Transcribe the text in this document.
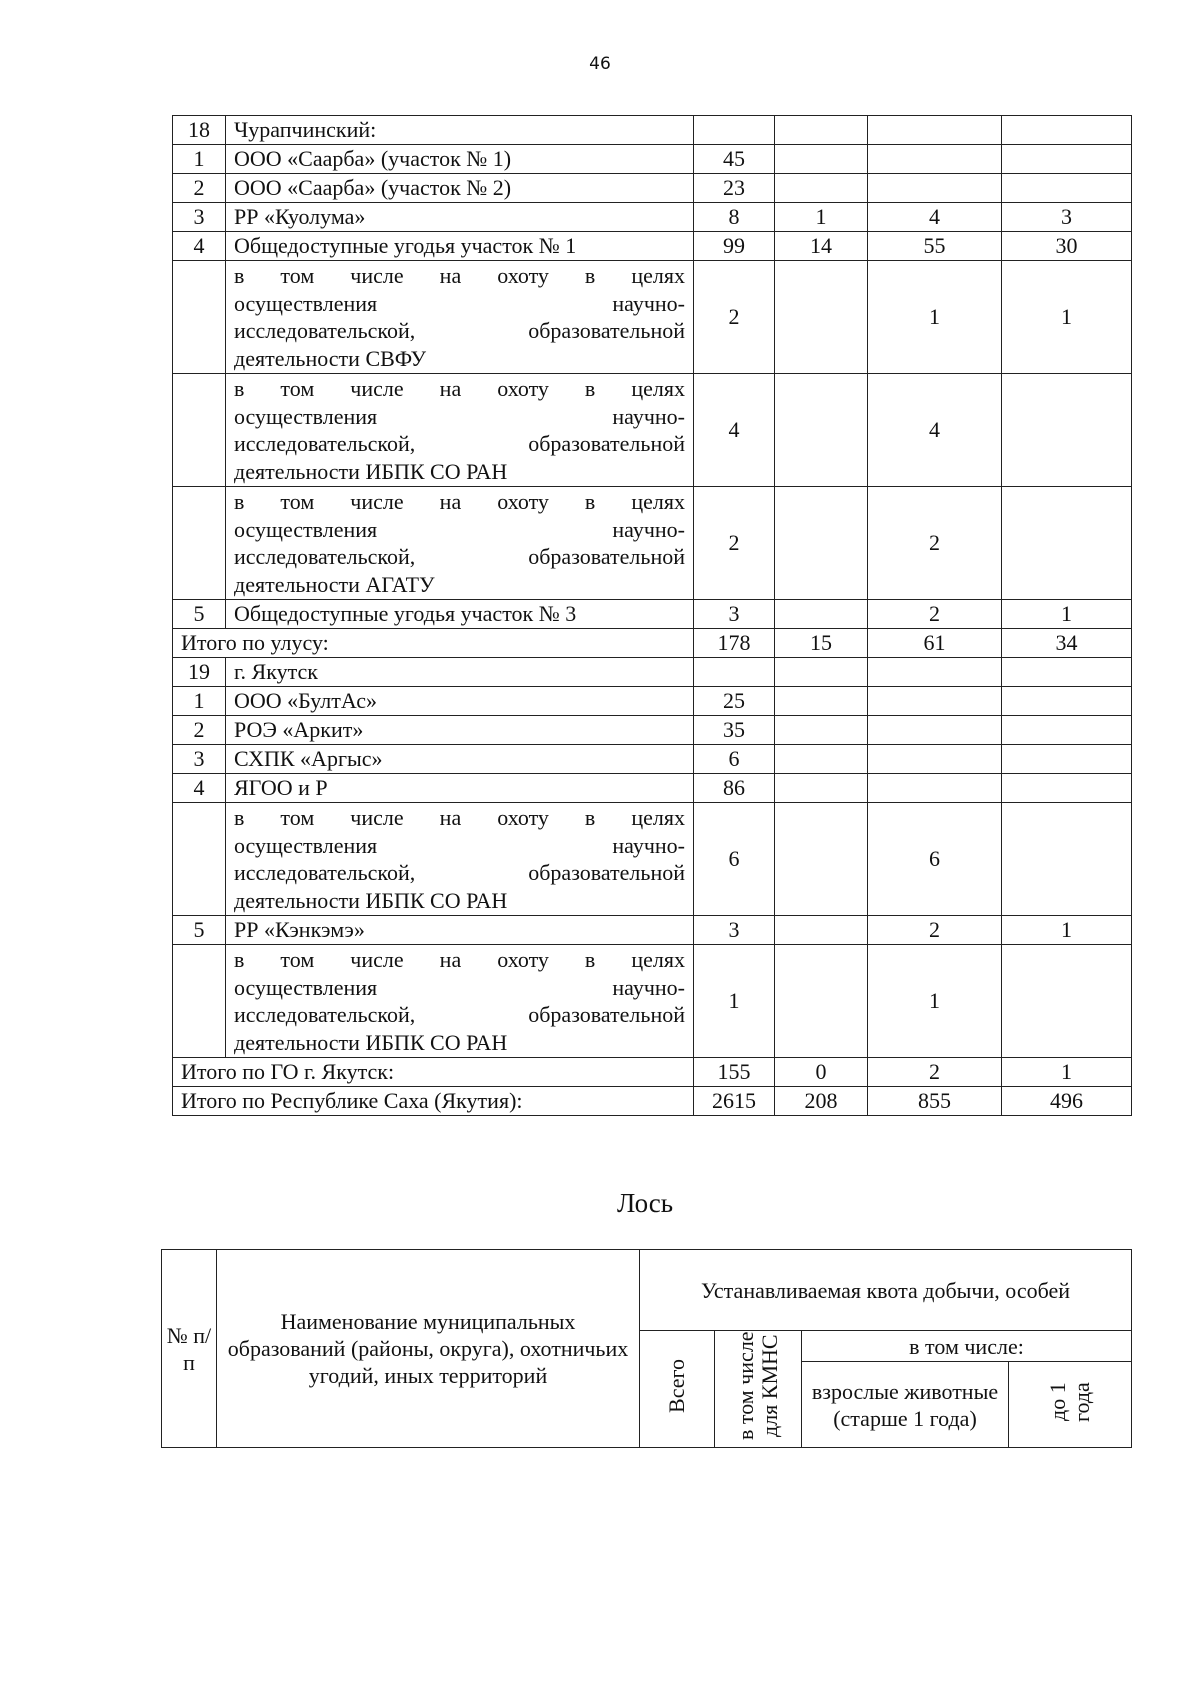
46
18	Чурапчинский:				
1	ООО «Саарба» (участок № 1)	45			
2	ООО «Саарба» (участок № 2)	23			
3	РР «Куолума»	8	1	4	3
4	Общедоступные угодья участок № 1	99	14	55	30

	в том числе на охоту в целях
осуществления научно-
исследовательской, образовательной
деятельности СВФУ	2		1	1

	в том числе на охоту в целях
осуществления научно-
исследовательской, образовательной
деятельности ИБПК СО РАН	4		4	

	в том числе на охоту в целях
осуществления научно-
исследовательской, образовательной
деятельности АГАТУ	2		2	
5	Общедоступные угодья участок № 3	3		2	1
Итого по улусу:		178	15	61	34
19	г. Якутск				
1	ООО «БултАс»	25			
2	РОЭ «Аркит»	35			
3	СХПК «Аргыс»	6			
4	ЯГОО и Р	86			

	в том числе на охоту в целях
осуществления научно-
исследовательской, образовательной
деятельности ИБПК СО РАН	6		6	
5	РР «Кэнкэмэ»	3		2	1

	в том числе на охоту в целях
осуществления научно-
исследовательской, образовательной
деятельности ИБПК СО РАН	1		1	
Итого по ГО г. Якутск:		155	0	2	1
Итого по Республике Саха (Якутия):		2615	208	855	496
Лось
№ п/п	Наименование муниципальных образований (районы, округа), охотничьих угодий, иных территорий	Устанавливаемая квота добычи, особей			
		Всего	в том числе для КМНС	в том числе:	
				взрослые животные (старше 1 года)	до 1 года
